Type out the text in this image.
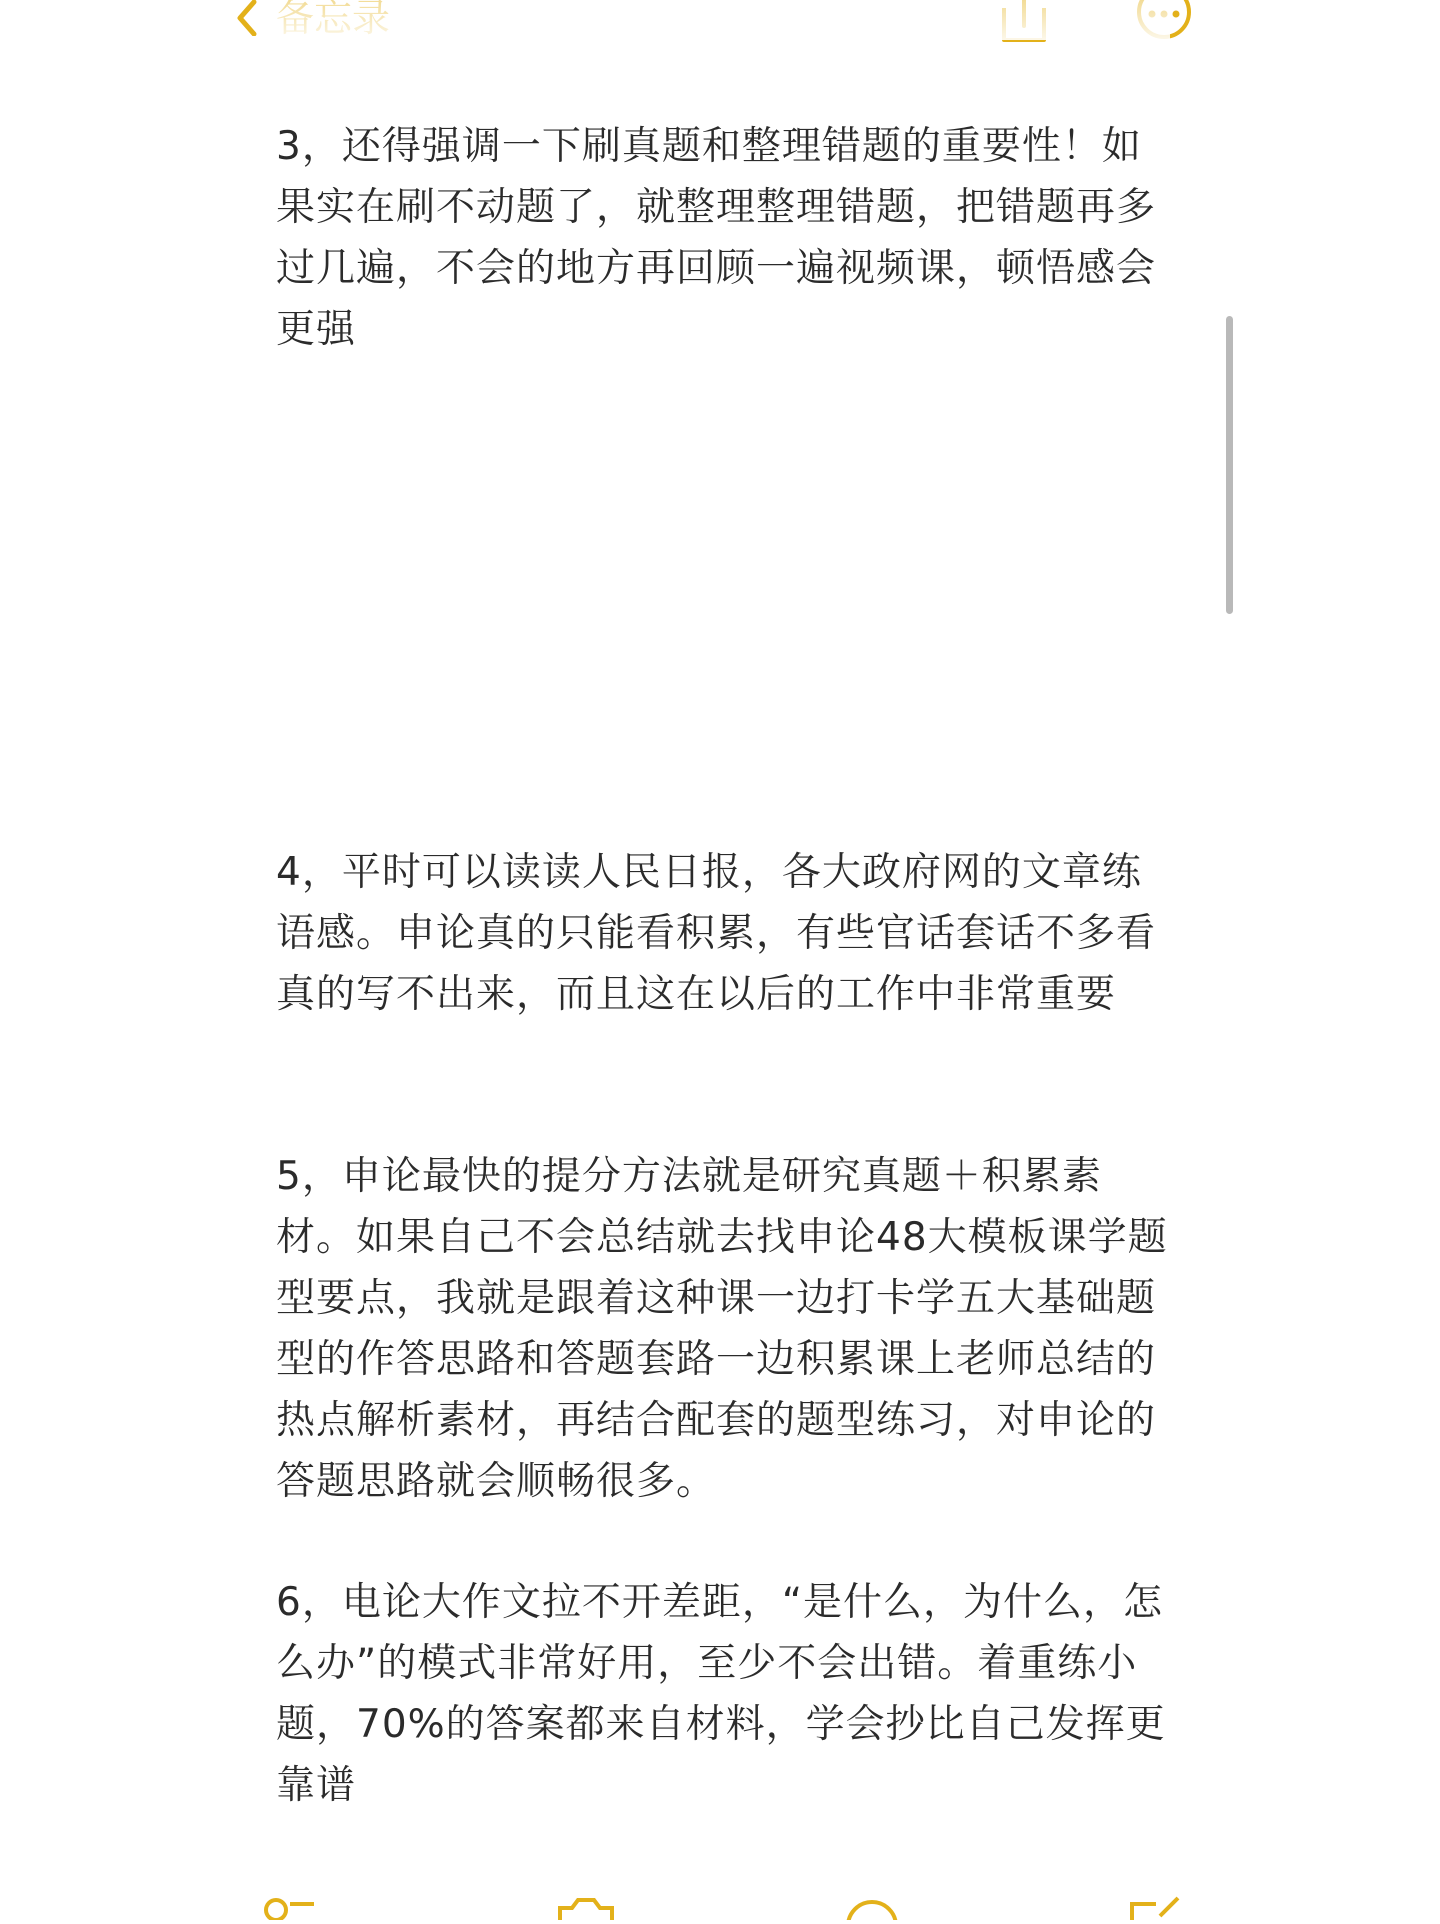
3，还得强调一下刷真题和整理错题的重要性！如果实在刷不动题了，就整理整理错题，把错题再多过几遍，不会的地方再回顾一遍视频课，顿悟感会更强

4，平时可以读读人民日报，各大政府网的文章练语感。申论真的只能看积累，有些官话套话不多看真的写不出来，而且这在以后的工作中非常重要

5，申论最快的提分方法就是研究真题＋积累素材。如果自己不会总结就去找申论48大模板课学题型要点，我就是跟着这种课一边打卡学五大基础题型的作答思路和答题套路一边积累课上老师总结的热点解析素材，再结合配套的题型练习，对申论的答题思路就会顺畅很多。

6，电论大作文拉不开差距，“是什么，为什么，怎么办”的模式非常好用，至少不会出错。着重练小题，70%的答案都来自材料，学会抄比自己发挥更靠谱
